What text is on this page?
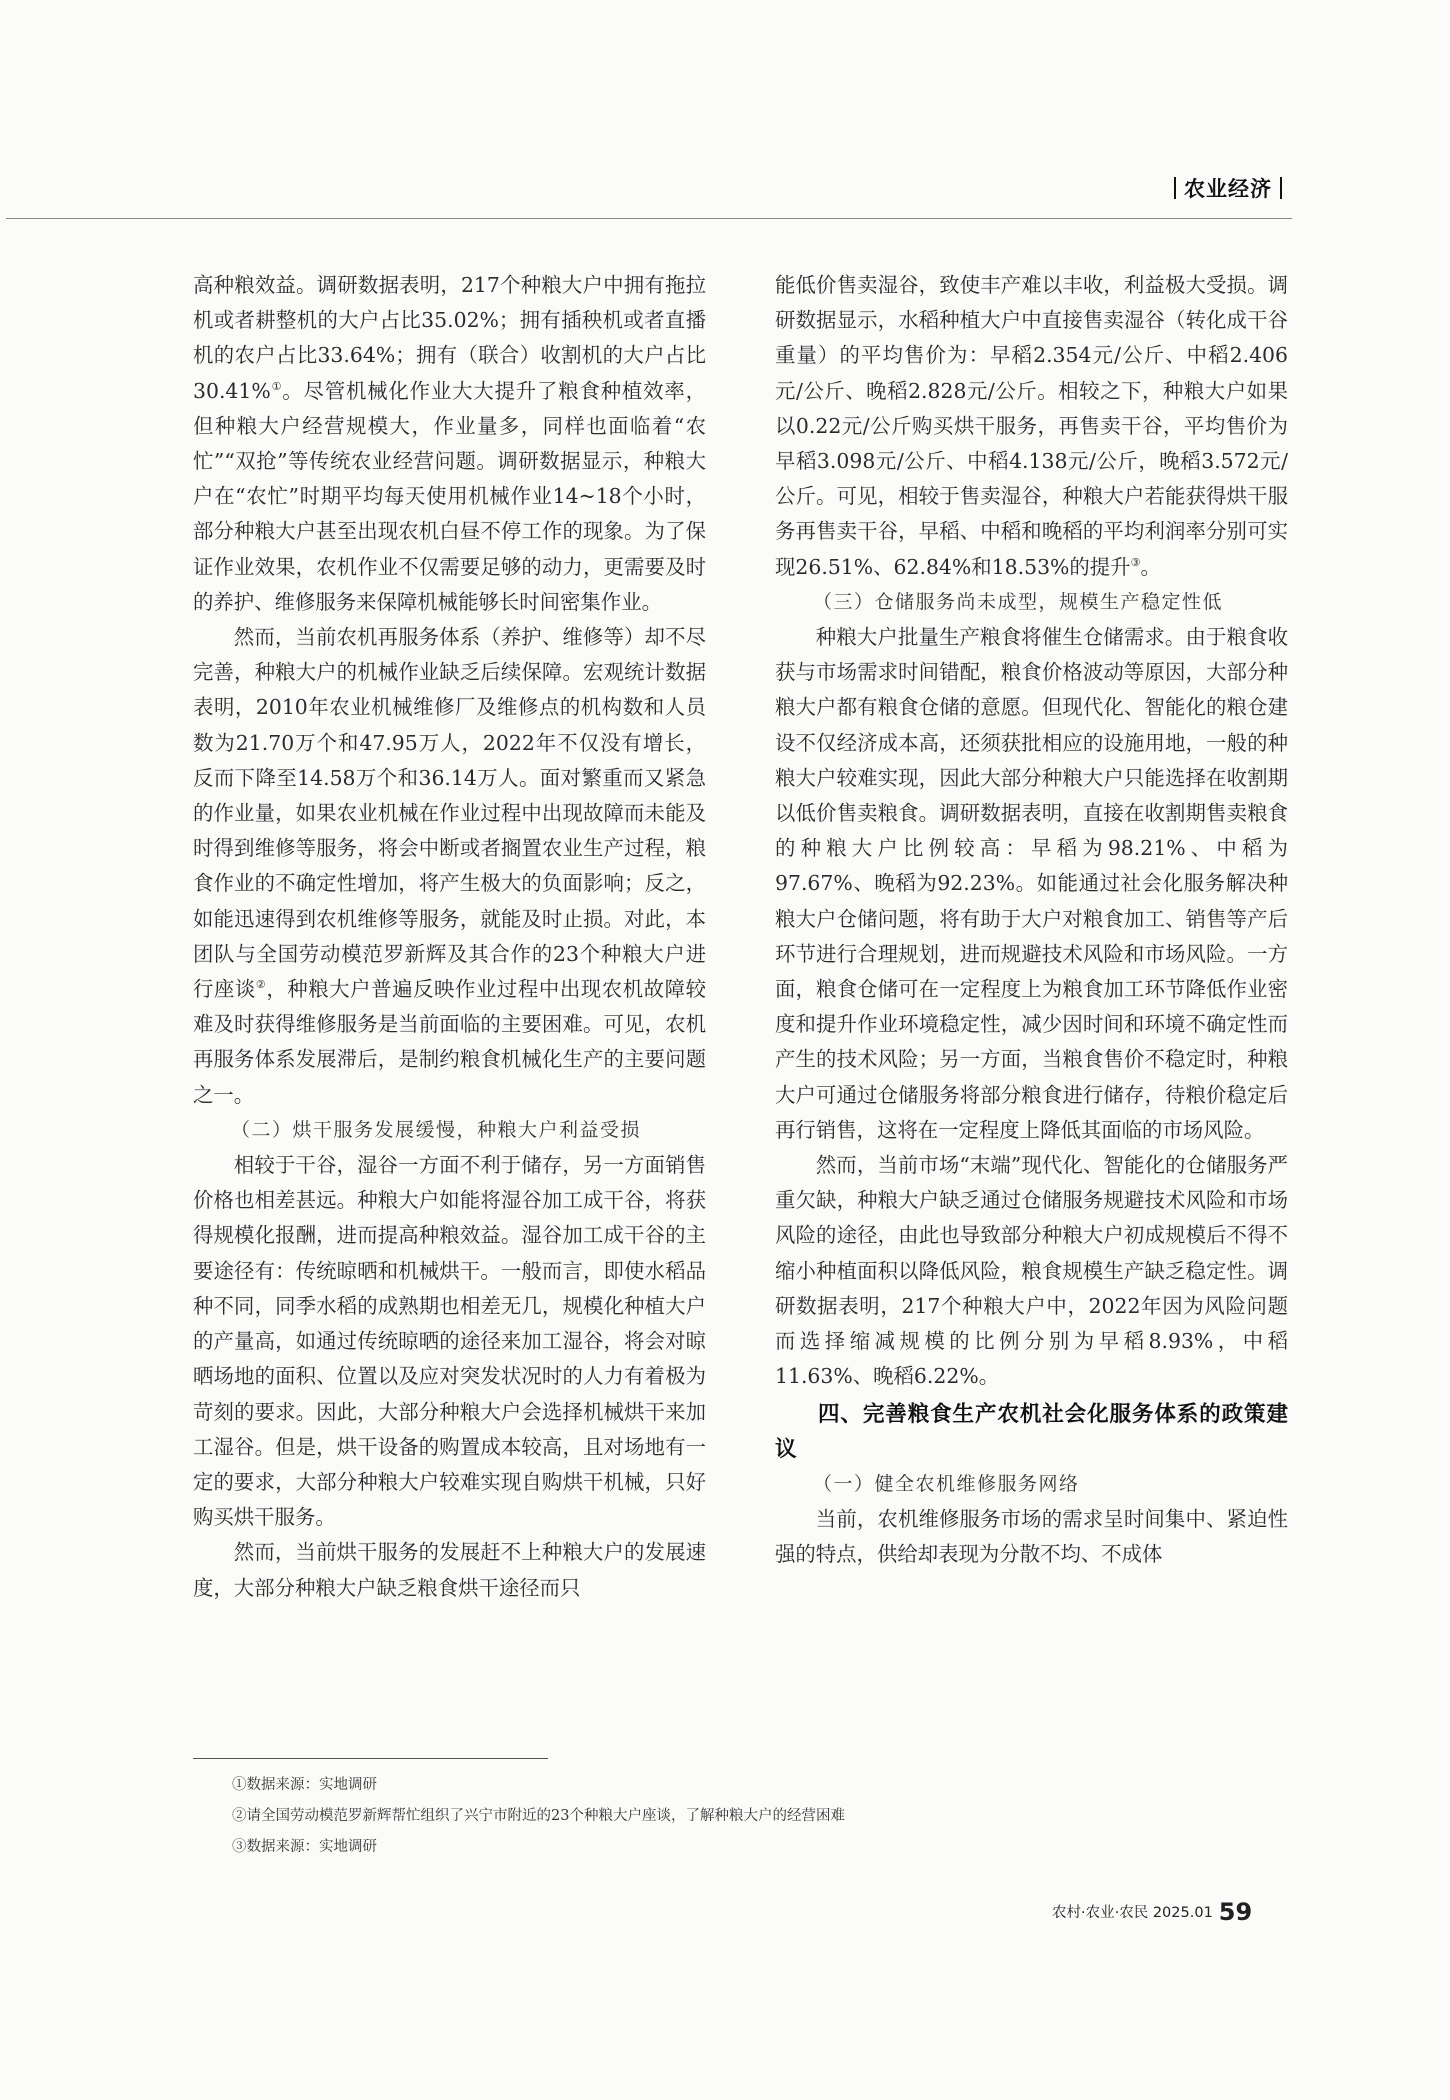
农业经济

高种粮效益。调研数据表明，217个种粮大户中拥有拖拉机或者耕整机的大户占比35.02%；拥有插秧机或者直播机的农户占比33.64%；拥有（联合）收割机的大户占比30.41%①。尽管机械化作业大大提升了粮食种植效率，但种粮大户经营规模大，作业量多，同样也面临着“农忙”“双抢”等传统农业经营问题。调研数据显示，种粮大户在“农忙”时期平均每天使用机械作业14~18个小时，部分种粮大户甚至出现农机白昼不停工作的现象。为了保证作业效果，农机作业不仅需要足够的动力，更需要及时的养护、维修服务来保障机械能够长时间密集作业。

然而，当前农机再服务体系（养护、维修等）却不尽完善，种粮大户的机械作业缺乏后续保障。宏观统计数据表明，2010年农业机械维修厂及维修点的机构数和人员数为21.70万个和47.95万人，2022年不仅没有增长，反而下降至14.58万个和36.14万人。面对繁重而又紧急的作业量，如果农业机械在作业过程中出现故障而未能及时得到维修等服务，将会中断或者搁置农业生产过程，粮食作业的不确定性增加，将产生极大的负面影响；反之，如能迅速得到农机维修等服务，就能及时止损。对此，本团队与全国劳动模范罗新辉及其合作的23个种粮大户进行座谈②，种粮大户普遍反映作业过程中出现农机故障较难及时获得维修服务是当前面临的主要困难。可见，农机再服务体系发展滞后，是制约粮食机械化生产的主要问题之一。

（二）烘干服务发展缓慢，种粮大户利益受损

相较于干谷，湿谷一方面不利于储存，另一方面销售价格也相差甚远。种粮大户如能将湿谷加工成干谷，将获得规模化报酬，进而提高种粮效益。湿谷加工成干谷的主要途径有：传统晾晒和机械烘干。一般而言，即使水稻品种不同，同季水稻的成熟期也相差无几，规模化种植大户的产量高，如通过传统晾晒的途径来加工湿谷，将会对晾晒场地的面积、位置以及应对突发状况时的人力有着极为苛刻的要求。因此，大部分种粮大户会选择机械烘干来加工湿谷。但是，烘干设备的购置成本较高，且对场地有一定的要求，大部分种粮大户较难实现自购烘干机械，只好购买烘干服务。

然而，当前烘干服务的发展赶不上种粮大户的发展速度，大部分种粮大户缺乏粮食烘干途径而只

能低价售卖湿谷，致使丰产难以丰收，利益极大受损。调研数据显示，水稻种植大户中直接售卖湿谷（转化成干谷重量）的平均售价为：早稻2.354元/公斤、中稻2.406元/公斤、晚稻2.828元/公斤。相较之下，种粮大户如果以0.22元/公斤购买烘干服务，再售卖干谷，平均售价为早稻3.098元/公斤、中稻4.138元/公斤，晚稻3.572元/公斤。可见，相较于售卖湿谷，种粮大户若能获得烘干服务再售卖干谷，早稻、中稻和晚稻的平均利润率分别可实现26.51%、62.84%和18.53%的提升③。

（三）仓储服务尚未成型，规模生产稳定性低

种粮大户批量生产粮食将催生仓储需求。由于粮食收获与市场需求时间错配，粮食价格波动等原因，大部分种粮大户都有粮食仓储的意愿。但现代化、智能化的粮仓建设不仅经济成本高，还须获批相应的设施用地，一般的种粮大户较难实现，因此大部分种粮大户只能选择在收割期以低价售卖粮食。调研数据表明，直接在收割期售卖粮食的种粮大户比例较高：早稻为98.21%、中稻为97.67%、晚稻为92.23%。如能通过社会化服务解决种粮大户仓储问题，将有助于大户对粮食加工、销售等产后环节进行合理规划，进而规避技术风险和市场风险。一方面，粮食仓储可在一定程度上为粮食加工环节降低作业密度和提升作业环境稳定性，减少因时间和环境不确定性而产生的技术风险；另一方面，当粮食售价不稳定时，种粮大户可通过仓储服务将部分粮食进行储存，待粮价稳定后再行销售，这将在一定程度上降低其面临的市场风险。

然而，当前市场“末端”现代化、智能化的仓储服务严重欠缺，种粮大户缺乏通过仓储服务规避技术风险和市场风险的途径，由此也导致部分种粮大户初成规模后不得不缩小种植面积以降低风险，粮食规模生产缺乏稳定性。调研数据表明，217个种粮大户中，2022年因为风险问题而选择缩减规模的比例分别为早稻8.93%，中稻11.63%、晚稻6.22%。

四、完善粮食生产农机社会化服务体系的政策建议
（一）健全农机维修服务网络

当前，农机维修服务市场的需求呈时间集中、紧迫性强的特点，供给却表现为分散不均、不成体

①数据来源：实地调研
②请全国劳动模范罗新辉帮忙组织了兴宁市附近的23个种粮大户座谈，了解种粮大户的经营困难
③数据来源：实地调研
农村·农业·农民 2025.01 59
